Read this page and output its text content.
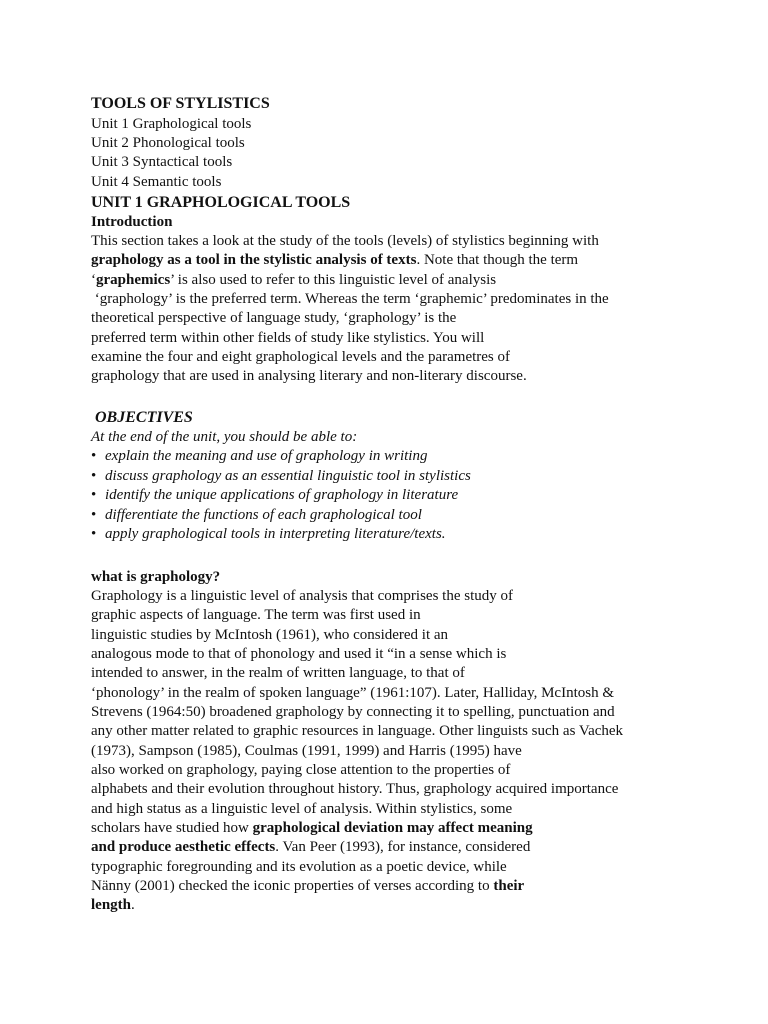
TOOLS OF STYLISTICS
Unit 1 Graphological tools
Unit 2 Phonological tools
Unit 3 Syntactical tools
Unit 4 Semantic tools
UNIT 1 GRAPHOLOGICAL TOOLS
Introduction
This section takes a look at the study of the tools (levels) of stylistics beginning with
graphology as a tool in the stylistic analysis of texts. Note that though the term
‘graphemics’ is also used to refer to this linguistic level of analysis
‘graphology’ is the preferred term. Whereas the term ‘graphemic’ predominates in the
theoretical perspective of language study, ‘graphology’ is the
preferred term within other fields of study like stylistics. You will
examine the four and eight graphological levels and the parametres of
graphology that are used in analysing literary and non-literary discourse.
OBJECTIVES
At the end of the unit, you should be able to:
• explain the meaning and use of graphology in writing
• discuss graphology as an essential linguistic tool in stylistics
• identify the unique applications of graphology in literature
• differentiate the functions of each graphological tool
• apply graphological tools in interpreting literature/texts.
what is graphology?
Graphology is a linguistic level of analysis that comprises the study of
graphic aspects of language. The term was first used in
linguistic studies by McIntosh (1961), who considered it an
analogous mode to that of phonology and used it “in a sense which is
intended to answer, in the realm of written language, to that of
‘phonology’ in the realm of spoken language” (1961:107). Later, Halliday, McIntosh &
Strevens (1964:50) broadened graphology by connecting it to spelling, punctuation and
any other matter related to graphic resources in language. Other linguists such as Vachek
(1973), Sampson (1985), Coulmas (1991, 1999) and Harris (1995) have
also worked on graphology, paying close attention to the properties of
alphabets and their evolution throughout history. Thus, graphology acquired importance
and high status as a linguistic level of analysis. Within stylistics, some
scholars have studied how graphological deviation may affect meaning
and produce aesthetic effects. Van Peer (1993), for instance, considered
typographic foregrounding and its evolution as a poetic device, while
Nänny (2001) checked the iconic properties of verses according to their
length.
